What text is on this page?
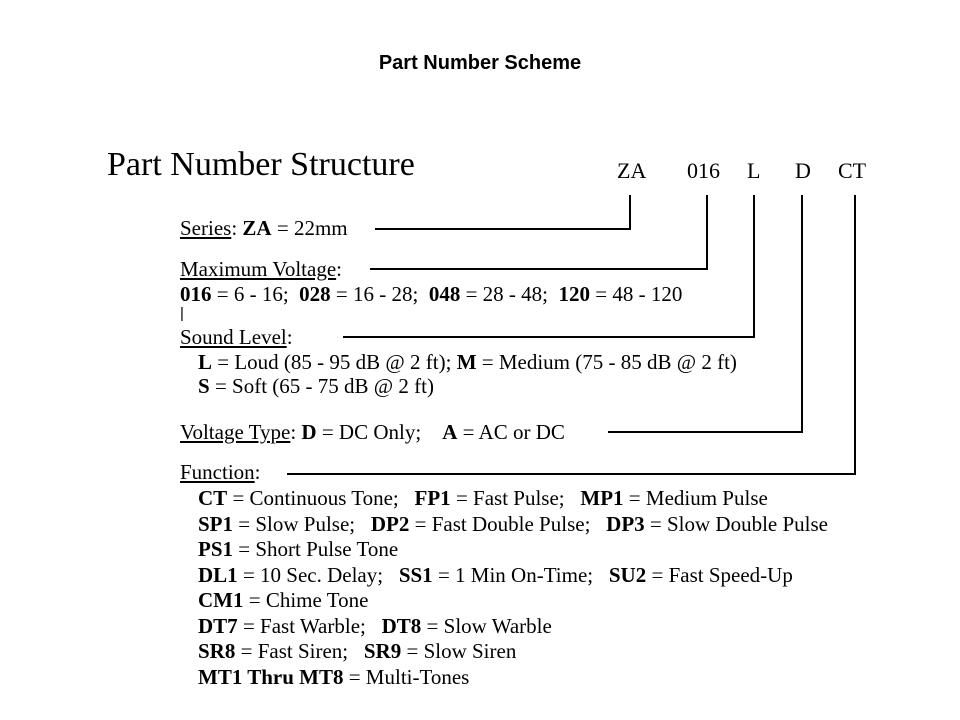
Part Number Scheme
Part Number Structure	ZA 016 L D CT
|
Series: ZA = 22mm
Maximum Voltage:
016 = 6 - 16;  028 = 16 - 28;  048 = 28 - 48;  120 = 48 - 120
Sound Level:
L = Loud (85 - 95 dB @ 2 ft); M = Medium (75 - 85 dB @ 2 ft)
S = Soft (65 - 75 dB @ 2 ft)
Voltage Type: D = DC Only;    A = AC or DC
Function:
CT = Continuous Tone;   FP1 = Fast Pulse;   MP1 = Medium Pulse
SP1 = Slow Pulse;   DP2 = Fast Double Pulse;   DP3 = Slow Double Pulse
PS1 = Short Pulse Tone
DL1 = 10 Sec. Delay;   SS1 = 1 Min On-Time;   SU2 = Fast Speed-Up
CM1 = Chime Tone
DT7 = Fast Warble;   DT8 = Slow Warble
SR8 = Fast Siren;   SR9 = Slow Siren
MT1 Thru MT8 = Multi-Tones
